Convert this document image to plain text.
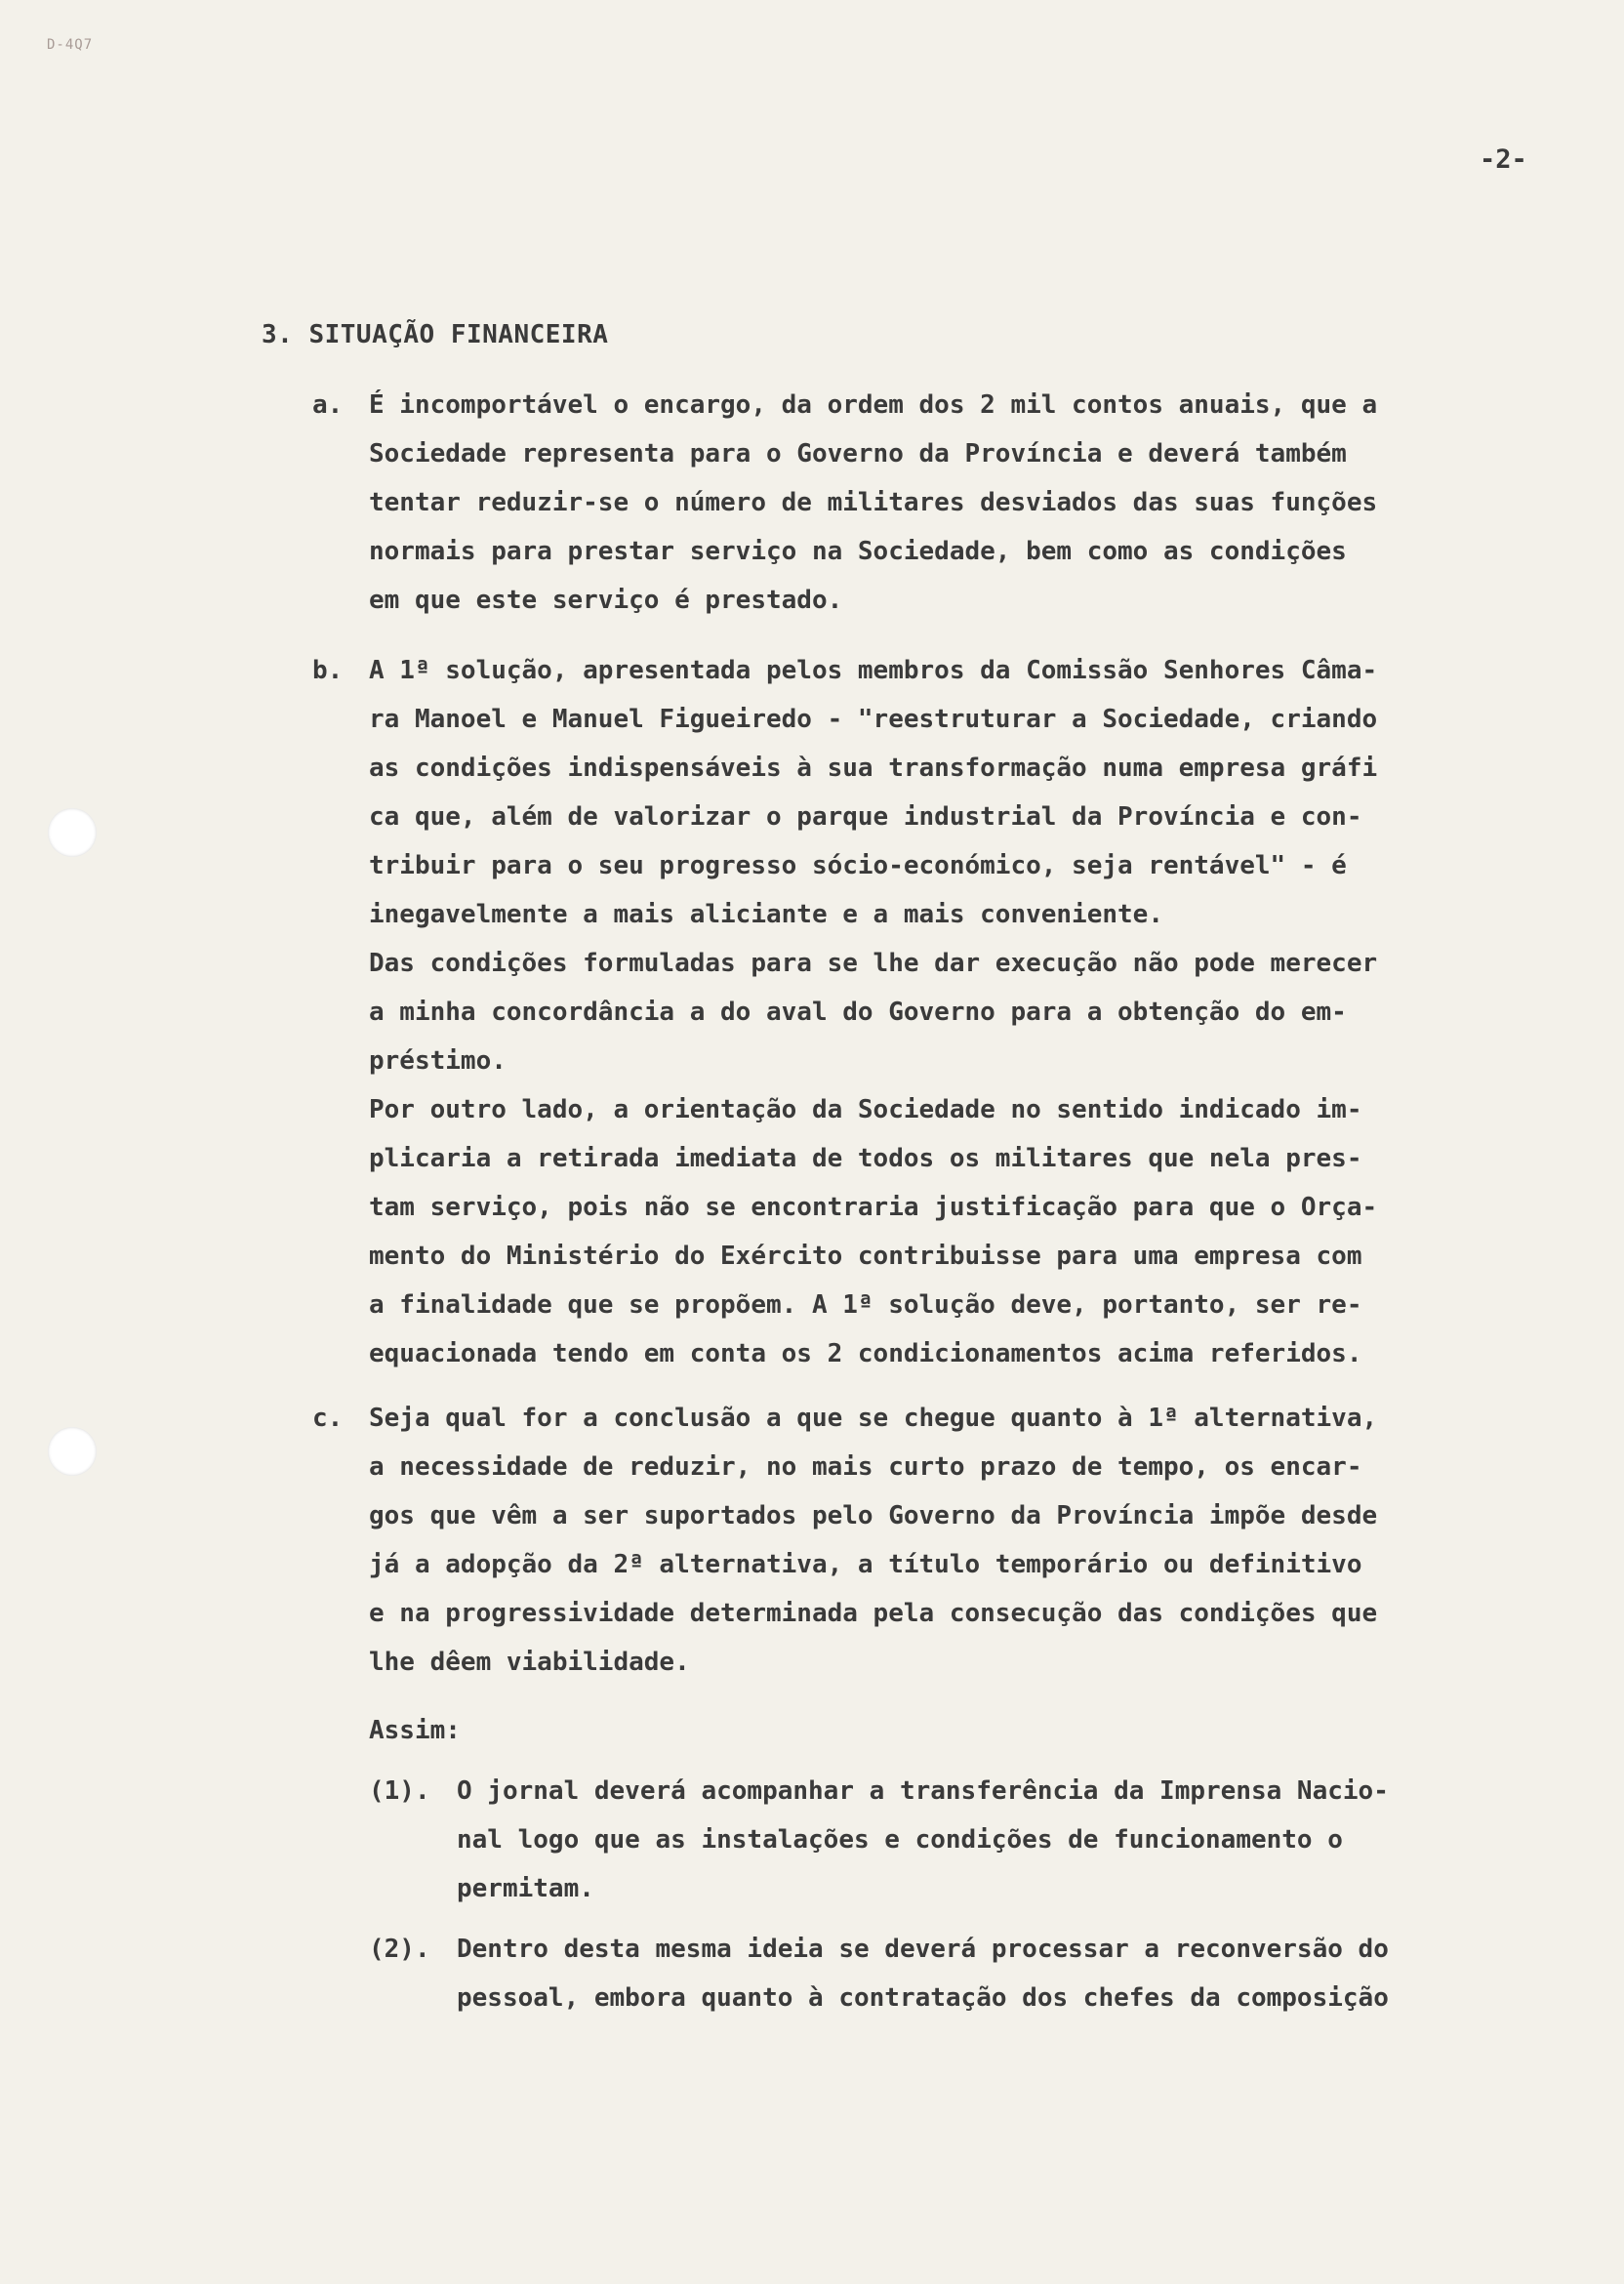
D-4Q7
-2-
3. SITUAÇÃO FINANCEIRA
a. É incomportável o encargo, da ordem dos 2 mil contos anuais, que a
Sociedade representa para o Governo da Província e deverá também
tentar reduzir-se o número de militares desviados das suas funções
normais para prestar serviço na Sociedade, bem como as condições
em que este serviço é prestado.
b. A 1ª solução, apresentada pelos membros da Comissão Senhores Câma-
ra Manoel e Manuel Figueiredo - "reestruturar a Sociedade, criando
as condições indispensáveis à sua transformação numa empresa gráfi
ca que, além de valorizar o parque industrial da Província e con-
tribuir para o seu progresso sócio-económico, seja rentável" - é
inegavelmente a mais aliciante e a mais conveniente.
Das condições formuladas para se lhe dar execução não pode merecer
a minha concordância a do aval do Governo para a obtenção do em-
préstimo.
Por outro lado, a orientação da Sociedade no sentido indicado im-
plicaria a retirada imediata de todos os militares que nela pres-
tam serviço, pois não se encontraria justificação para que o Orça-
mento do Ministério do Exército contribuisse para uma empresa com
a finalidade que se propõem. A 1ª solução deve, portanto, ser re-
equacionada tendo em conta os 2 condicionamentos acima referidos.
c. Seja qual for a conclusão a que se chegue quanto à 1ª alternativa,
a necessidade de reduzir, no mais curto prazo de tempo, os encar-
gos que vêm a ser suportados pelo Governo da Província impõe desde
já a adopção da 2ª alternativa, a título temporário ou definitivo
e na progressividade determinada pela consecução das condições que
lhe dêem viabilidade.
Assim:
(1). O jornal deverá acompanhar a transferência da Imprensa Nacio-
nal logo que as instalações e condições de funcionamento o
permitam.
(2). Dentro desta mesma ideia se deverá processar a reconversão do
pessoal, embora quanto à contratação dos chefes da composição
